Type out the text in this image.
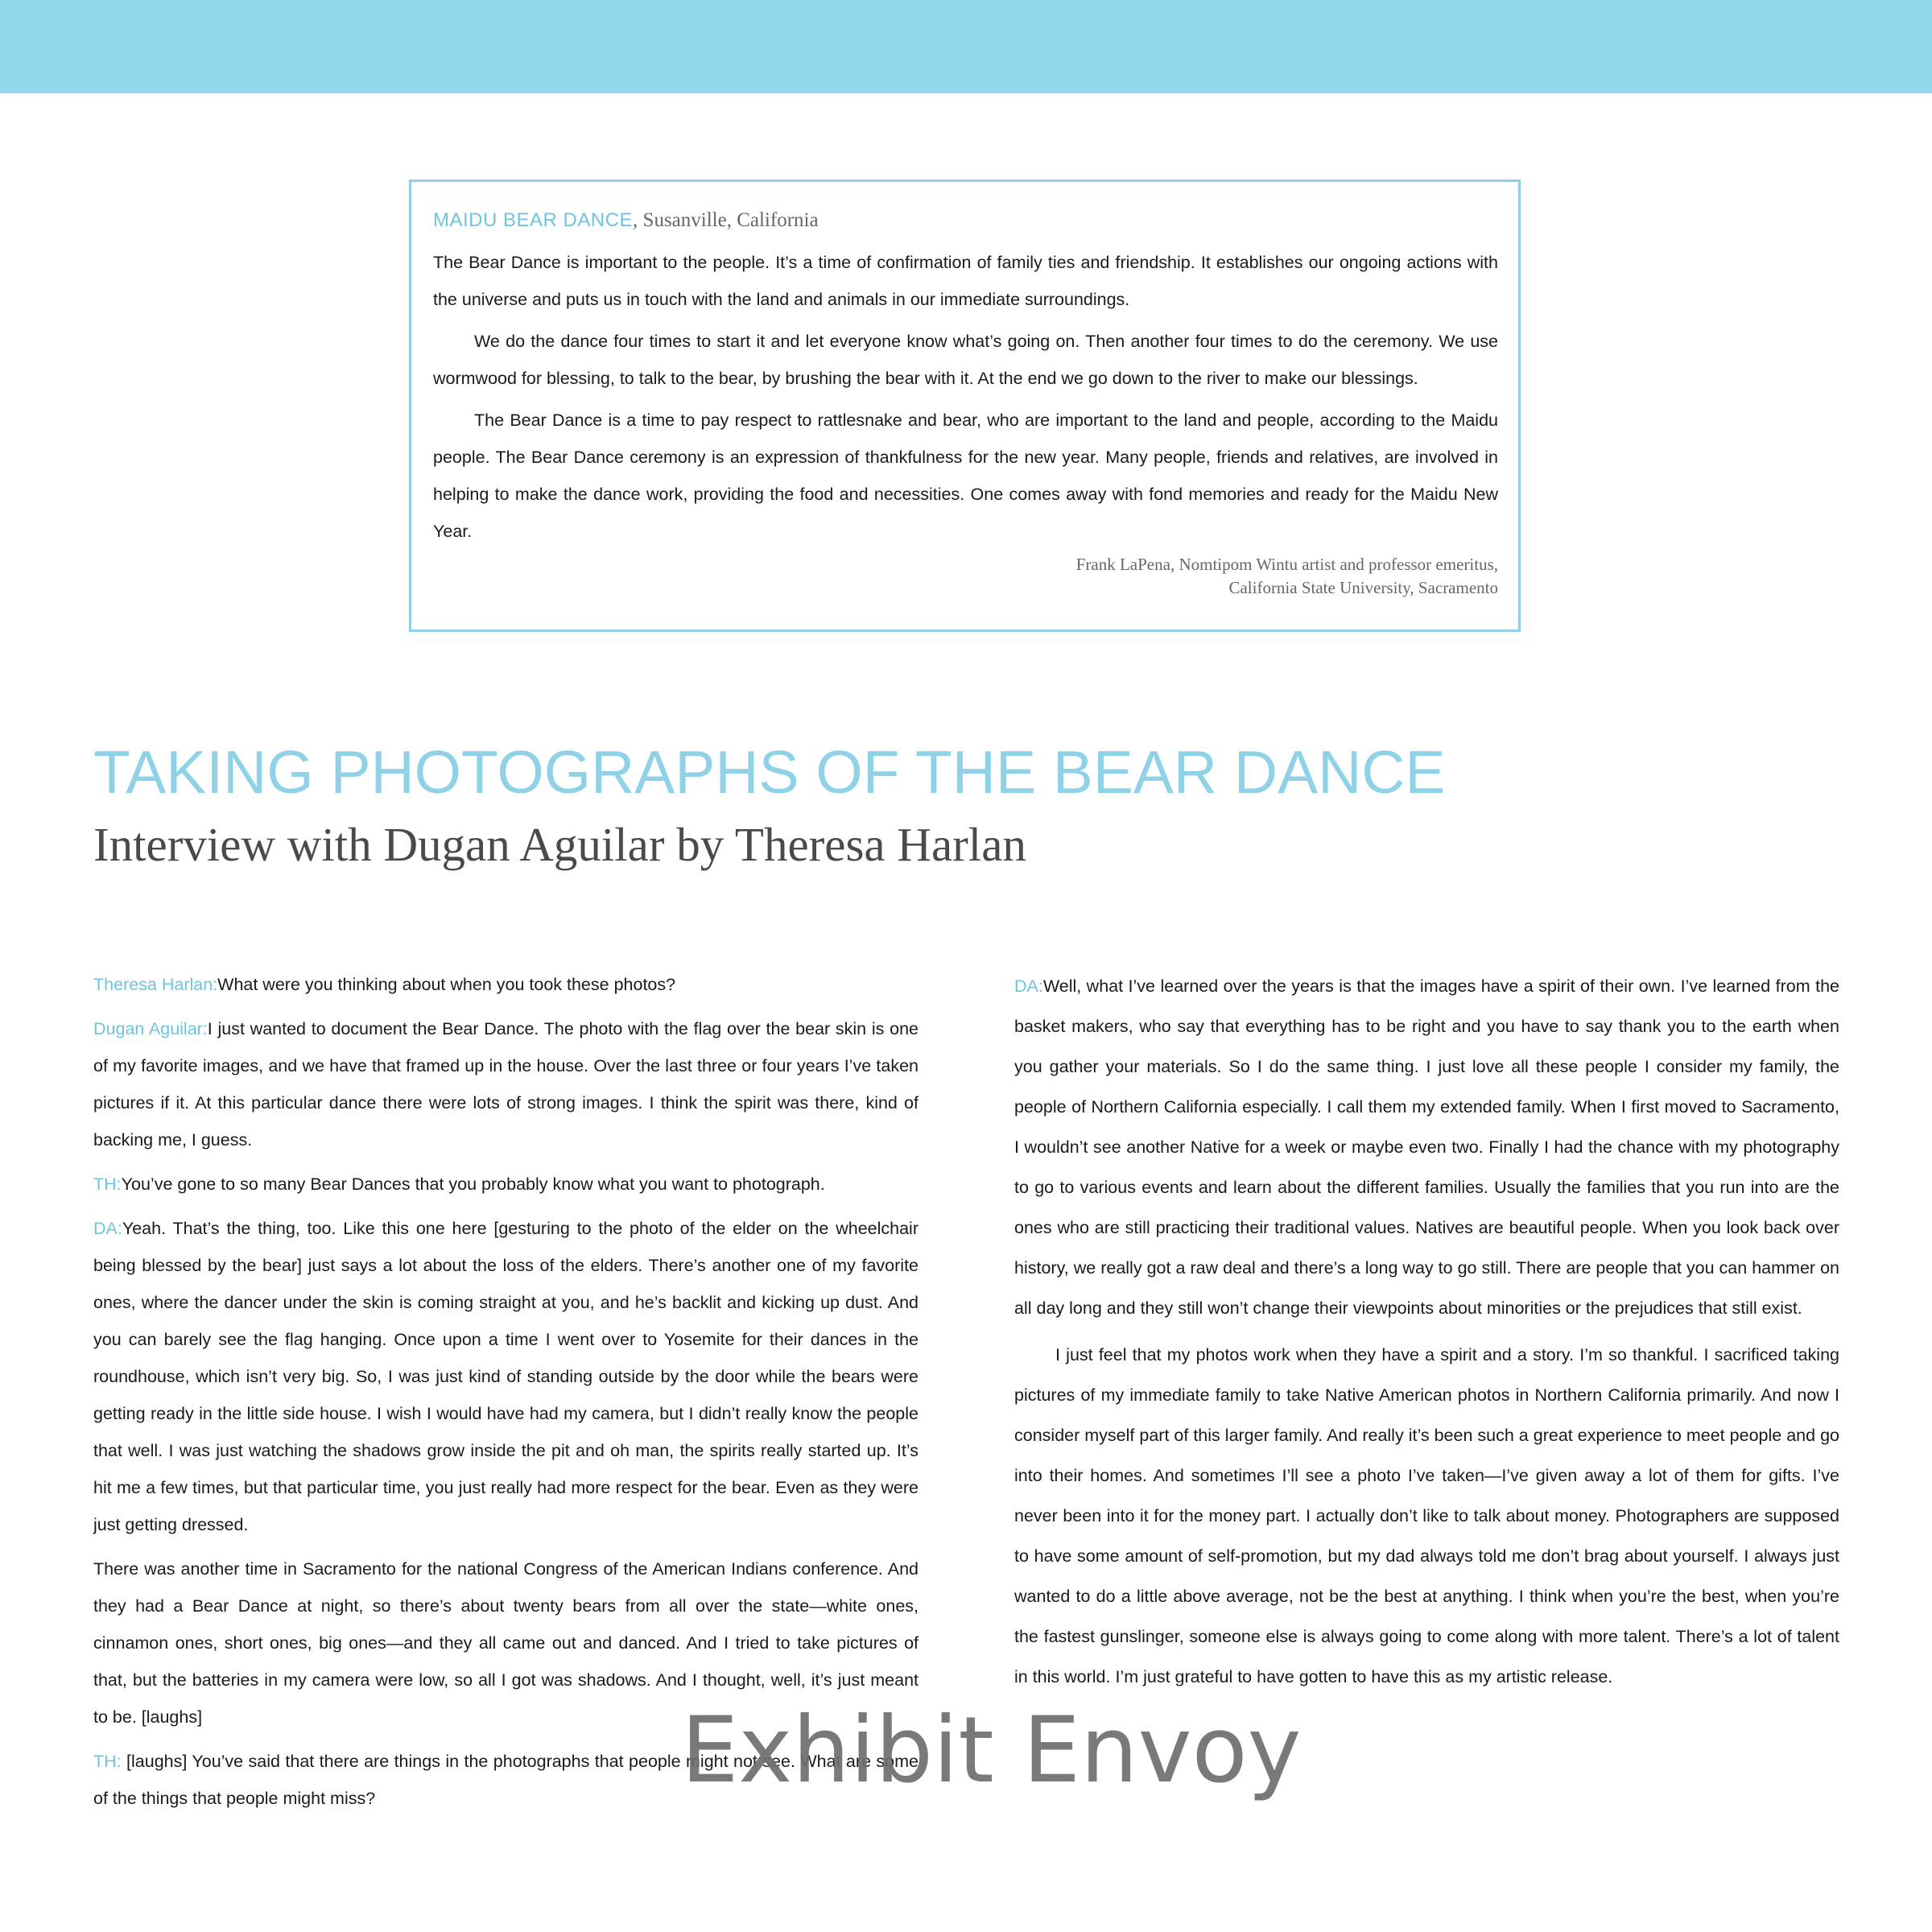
MAIDU BEAR DANCE, Susanville, California

The Bear Dance is important to the people. It’s a time of confirmation of family ties and friendship. It establishes our ongoing actions with the universe and puts us in touch with the land and animals in our immediate surroundings.

We do the dance four times to start it and let everyone know what’s going on. Then another four times to do the ceremony. We use wormwood for blessing, to talk to the bear, by brushing the bear with it. At the end we go down to the river to make our blessings.

The Bear Dance is a time to pay respect to rattlesnake and bear, who are important to the land and people, according to the Maidu people. The Bear Dance ceremony is an expression of thankfulness for the new year. Many people, friends and relatives, are involved in helping to make the dance work, providing the food and necessities. One comes away with fond memories and ready for the Maidu New Year.

Frank LaPena, Nomtipom Wintu artist and professor emeritus,
California State University, Sacramento
TAKING PHOTOGRAPHS OF THE BEAR DANCE
Interview with Dugan Aguilar by Theresa Harlan

Theresa Harlan:What were you thinking about when you took these photos?

Dugan Aguilar:I just wanted to document the Bear Dance. The photo with the flag over the bear skin is one of my favorite images, and we have that framed up in the house. Over the last three or four years I’ve taken pictures if it. At this particular dance there were lots of strong images. I think the spirit was there, kind of backing me, I guess.

TH:You’ve gone to so many Bear Dances that you probably know what you want to photograph.

DA:Yeah. That’s the thing, too. Like this one here [gesturing to the photo of the elder on the wheelchair being blessed by the bear] just says a lot about the loss of the elders. There’s another one of my favorite ones, where the dancer under the skin is coming straight at you, and he’s backlit and kicking up dust. And you can barely see the flag hanging. Once upon a time I went over to Yosemite for their dances in the roundhouse, which isn’t very big. So, I was just kind of standing outside by the door while the bears were getting ready in the little side house. I wish I would have had my camera, but I didn’t really know the people that well. I was just watching the shadows grow inside the pit and oh man, the spirits really started up. It’s hit me a few times, but that particular time, you just really had more respect for the bear. Even as they were just getting dressed.

There was another time in Sacramento for the national Congress of the American Indians conference. And they had a Bear Dance at night, so there’s about twenty bears from all over the state—white ones, cinnamon ones, short ones, big ones—and they all came out and danced. And I tried to take pictures of that, but the batteries in my camera were low, so all I got was shadows. And I thought, well, it’s just meant to be. [laughs]

TH: [laughs] You’ve said that there are things in the photographs that people might not see. What are some of the things that people might miss?

DA:Well, what I’ve learned over the years is that the images have a spirit of their own. I’ve learned from the basket makers, who say that everything has to be right and you have to say thank you to the earth when you gather your materials. So I do the same thing. I just love all these people I consider my family, the people of Northern California especially. I call them my extended family. When I first moved to Sacramento, I wouldn’t see another Native for a week or maybe even two. Finally I had the chance with my photography to go to various events and learn about the different families. Usually the families that you run into are the ones who are still practicing their traditional values. Natives are beautiful people. When you look back over history, we really got a raw deal and there’s a long way to go still. There are people that you can hammer on all day long and they still won’t change their viewpoints about minorities or the prejudices that still exist.

I just feel that my photos work when they have a spirit and a story. I’m so thankful. I sacrificed taking pictures of my immediate family to take Native American photos in Northern California primarily. And now I consider myself part of this larger family. And really it’s been such a great experience to meet people and go into their homes. And sometimes I’ll see a photo I’ve taken—I’ve given away a lot of them for gifts. I’ve never been into it for the money part. I actually don’t like to talk about money. Photographers are supposed to have some amount of self-promotion, but my dad always told me don’t brag about yourself. I always just wanted to do a little above average, not be the best at anything. I think when you’re the best, when you’re the fastest gunslinger, someone else is always going to come along with more talent. There’s a lot of talent in this world. I’m just grateful to have gotten to have this as my artistic release.

Exhibit Envoy
